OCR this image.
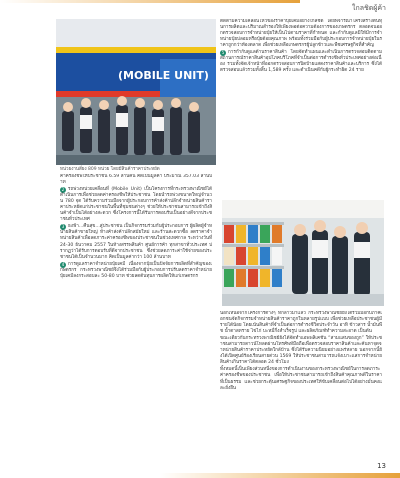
ใกลชิดผู้ค้า
(MOBILE UNIT)
หน่วยงานสี่ยง 809 หน่วย โดยมีสินค้าราคาประหยัด

ค่าครองชีพให้ประชาชน 6.59 ล้านคน คิดเป็นมูลค่า ประมาณ 357.03 ล้านบาท

2 รถพ่วงหน่วยเคลื่อนที่ (Mobile Unit) เป็นโครงการที่กระทรวงพาณิชย์ได้ดำเนินการเพื่อช่วยลดค่าครองชีพให้ประชาชน โดยนำรถพ่วงขนาดใหญ่จำนวน 780 จุด ได้รับความร่วมมือจากผู้ประกอบการค้าส่งค้าปลีกจำหน่ายสินค้าราคาประหยัดแก่ประชาชนในพื้นที่ชุมชนต่างๆ ช่วยให้ประชาชนสามารถเข้าถึงสินค้าจำเป็นได้อย่างสะดวก ซึ่งโครงการนี้ได้รับการตอบรับเป็นอย่างดีจากประชาชนทั่วประเทศ

3 ธงฟ้า...คืนสุข...สู่ประชาชน เป็นกิจกรรมร่วมกับผู้ประกอบการ ผู้ผลิตผู้จำหน่ายสินค้าขายใหญ่ ห้างค้าส่งค้าปลีกสมัยใหม่ และร้านสะดวกซื้อ ลดราคาจำหน่ายสินค้าเพื่อลดภาระค่าครองชีพของประชาชนในช่วงเทศกาล ระหว่างวันที่ 24-30 ธันวาคม 2557 ในห้างสรรพสินค้า ศูนย์การค้า ทุกสาขาทั่วประเทศ ปรากฏว่าได้รับการตอบรับที่ดีจากประชาชน ซึ่งช่วยลดภาระค่าใช้จ่ายของประชาชนได้เป็นจำนวนมาก คิดเป็นมูลค่ากว่า 100 ล้านบาท

4 การดูแลราคาจำหน่ายปุ๋ยเคมี เนื่องจากปุ๋ยเป็นปัจจัยการผลิตที่สำคัญของเกษตรกร กระทรวงพาณิชย์จึงได้ร่วมมือกับผู้ประกอบการปรับลดราคาจำหน่ายปุ๋ยเคมีลงกระสอบละ 50-80 บาท ช่วยลดต้นทุนการผลิตให้แก่เกษตรกร

ติดตามความเคลื่อนไหวของราคาปุ๋ยเคมีอย่างใกล้ชิด โดยพิจารณาโครงสร้างต้นทุนการผลิตและปริมาณสำรองให้เพียงพอต่อความต้องการของเกษตรกร ตลอดจนออกตรวจสอบการจำหน่ายปุ๋ยให้เป็นไปตามราคาที่กำหนด และกำกับดูแลมิให้มีการจำหน่ายปุ๋ยปลอมหรือปุ๋ยด้อยคุณภาพ พร้อมทั้งร่วมมือกับผู้ประกอบการจำหน่ายปุ๋ยในราคาถูกกว่าท้องตลาด เพื่อช่วยเหลือเกษตรกรผู้ปลูกข้าวและพืชเศรษฐกิจที่สำคัญ

5 การกำกับดูแลด้านราคาสินค้า โดยจัดทำแผนและดำเนินการตรวจสอบติดตามสถานการณ์ราคาสินค้าอุปโภคบริโภคที่จำเป็นต่อการดำรงชีพทั่วประเทศอย่างต่อเนื่อง รวมทั้งจัดเจ้าหน้าที่ออกตรวจสอบการปิดป้ายแสดงราคาสินค้าและบริการ ซึ่งได้ตรวจสอบแล้วรวมทั้งสิ้น 1,589 ครั้ง และดำเนินคดีกับผู้กระทำผิด 24 ราย

นอกเหนือจากโครงการต่างๆ ที่กล่าวมาแล้ว กระทรวงพาณิชย์ยังได้ร่วมมือกับภาคเอกชนจัดกิจกรรมจำหน่ายสินค้าราคาถูกในหลายรูปแบบ เพื่อช่วยเหลือประชาชนผู้มีรายได้น้อย โดยเน้นสินค้าที่จำเป็นต่อการดำรงชีวิตประจำวัน อาทิ ข้าวสาร น้ำมันพืช น้ำตาลทราย ไข่ไก่ บะหมี่กึ่งสำเร็จรูป และผลิตภัณฑ์ทำความสะอาด เป็นต้น

ขณะเดียวกันกระทรวงพาณิชย์ยังได้จัดทำแอพพลิเคชัน “สามแสนของถูก” ให้ประชาชนสามารถดาวน์โหลดผ่านโทรศัพท์มือถือเพื่อตรวจสอบราคาสินค้าและค้นหาจุดจำหน่ายสินค้าราคาประหยัดใกล้บ้าน ซึ่งได้รับความนิยมอย่างแพร่หลาย นอกจากนี้ยังได้เปิดศูนย์ร้องเรียนสายด่วน 1569 ให้ประชาชนสามารถแจ้งเบาะแสการจำหน่ายสินค้าเกินราคาได้ตลอด 24 ชั่วโมง

ทั้งหมดนี้เป็นเพียงส่วนหนึ่งของการดำเนินงานของกระทรวงพาณิชย์ในการลดภาระค่าครองชีพของประชาชน เพื่อให้ประชาชนสามารถเข้าถึงสินค้าคุณภาพดีในราคาที่เป็นธรรม และช่วยกระตุ้นเศรษฐกิจของประเทศให้ขับเคลื่อนต่อไปได้อย่างมั่นคงและยั่งยืน

13
